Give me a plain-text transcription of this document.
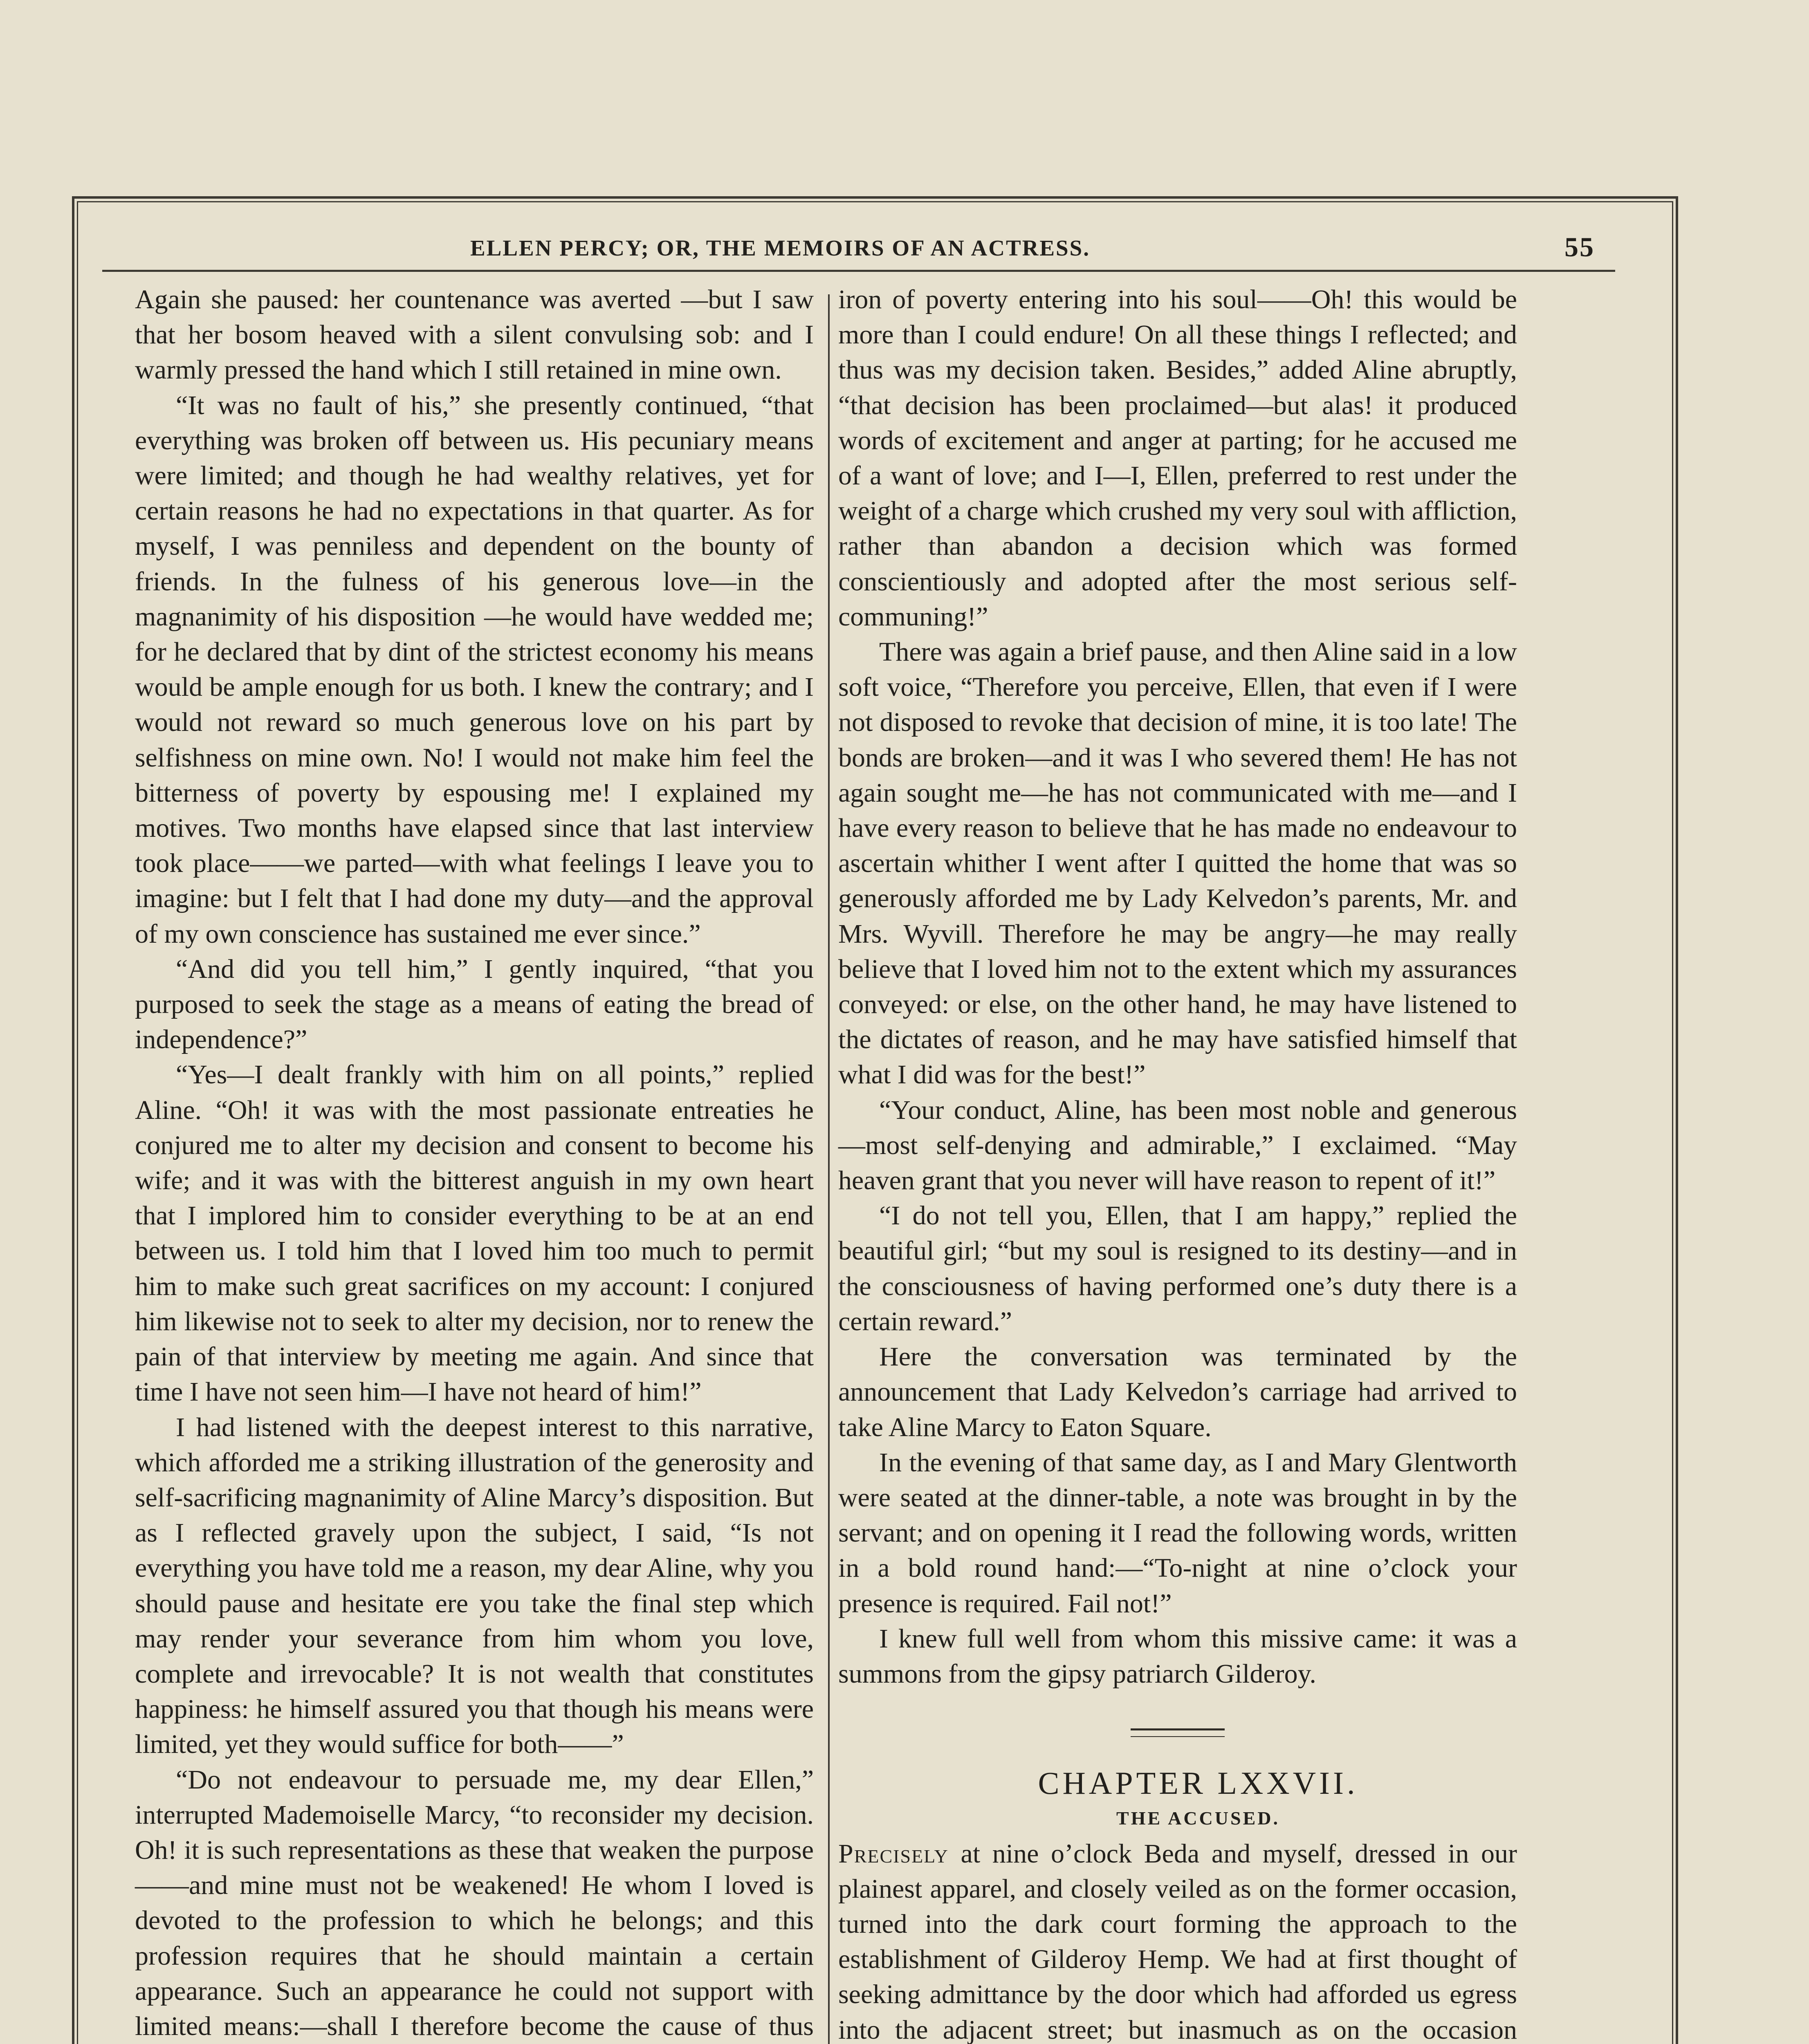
ELLEN PERCY; OR, THE MEMOIRS OF AN ACTRESS.	55

Again she paused: her countenance was averted —but I saw that her bosom heaved with a silent convulsing sob: and I warmly pressed the hand which I still retained in mine own.

“It was no fault of his,” she presently continued, “that everything was broken off between us. His pecuniary means were limited; and though he had wealthy relatives, yet for certain reasons he had no expectations in that quarter. As for myself, I was penniless and dependent on the bounty of friends. In the fulness of his generous love—in the magnanimity of his disposition —he would have wedded me; for he declared that by dint of the strictest economy his means would be ample enough for us both. I knew the contrary; and I would not reward so much generous love on his part by selfishness on mine own. No! I would not make him feel the bitterness of poverty by espousing me! I explained my motives. Two months have elapsed since that last interview took place——we parted—with what feelings I leave you to imagine: but I felt that I had done my duty—and the approval of my own conscience has sustained me ever since.”

“And did you tell him,” I gently inquired, “that you purposed to seek the stage as a means of eating the bread of independence?”

“Yes—I dealt frankly with him on all points,” replied Aline. “Oh! it was with the most passionate entreaties he conjured me to alter my decision and consent to become his wife; and it was with the bitterest anguish in my own heart that I implored him to consider everything to be at an end between us. I told him that I loved him too much to permit him to make such great sacrifices on my account: I conjured him likewise not to seek to alter my decision, nor to renew the pain of that interview by meeting me again. And since that time I have not seen him—I have not heard of him!”

I had listened with the deepest interest to this narrative, which afforded me a striking illustration of the generosity and self-sacrificing magnanimity of Aline Marcy’s disposition. But as I reflected gravely upon the subject, I said, “Is not everything you have told me a reason, my dear Aline, why you should pause and hesitate ere you take the final step which may render your severance from him whom you love, complete and irrevocable? It is not wealth that constitutes happiness: he himself assured you that though his means were limited, yet they would suffice for both——”

“Do not endeavour to persuade me, my dear Ellen,” interrupted Mademoiselle Marcy, “to reconsider my decision. Oh! it is such representations as these that weaken the purpose——and mine must not be weakened! He whom I loved is devoted to the profession to which he belongs; and this profession requires that he should maintain a certain appearance. Such an appearance he could not support with limited means:—shall I therefore become the cause of thus

iron of poverty entering into his soul——Oh! this would be more than I could endure! On all these things I reflected; and thus was my decision taken. Besides,” added Aline abruptly, “that decision has been proclaimed—but alas! it produced words of excitement and anger at parting; for he accused me of a want of love; and I—I, Ellen, preferred to rest under the weight of a charge which crushed my very soul with affliction, rather than abandon a decision which was formed conscientiously and adopted after the most serious self-communing!”

There was again a brief pause, and then Aline said in a low soft voice, “Therefore you perceive, Ellen, that even if I were not disposed to revoke that decision of mine, it is too late! The bonds are broken—and it was I who severed them! He has not again sought me—he has not communicated with me—and I have every reason to believe that he has made no endeavour to ascertain whither I went after I quitted the home that was so generously afforded me by Lady Kelvedon’s parents, Mr. and Mrs. Wyvill. Therefore he may be angry—he may really believe that I loved him not to the extent which my assurances conveyed: or else, on the other hand, he may have listened to the dictates of reason, and he may have satisfied himself that what I did was for the best!”

“Your conduct, Aline, has been most noble and generous—most self-denying and admirable,” I exclaimed. “May heaven grant that you never will have reason to repent of it!”

“I do not tell you, Ellen, that I am happy,” replied the beautiful girl; “but my soul is resigned to its destiny—and in the consciousness of having performed one’s duty there is a certain reward.”

Here the conversation was terminated by the announcement that Lady Kelvedon’s carriage had arrived to take Aline Marcy to Eaton Square.

In the evening of that same day, as I and Mary Glentworth were seated at the dinner-table, a note was brought in by the servant; and on opening it I read the following words, written in a bold round hand:—“To-night at nine o’clock your presence is required. Fail not!”

I knew full well from whom this missive came: it was a summons from the gipsy patriarch Gilderoy.

CHAPTER LXXVII.

THE ACCUSED.

Precisely at nine o’clock Beda and myself, dressed in our plainest apparel, and closely veiled as on the former occasion, turned into the dark court forming the approach to the establishment of Gilderoy Hemp. We had at first thought of seeking admittance by the door which had afforded us egress into the adjacent street; but inasmuch as on the occasion
